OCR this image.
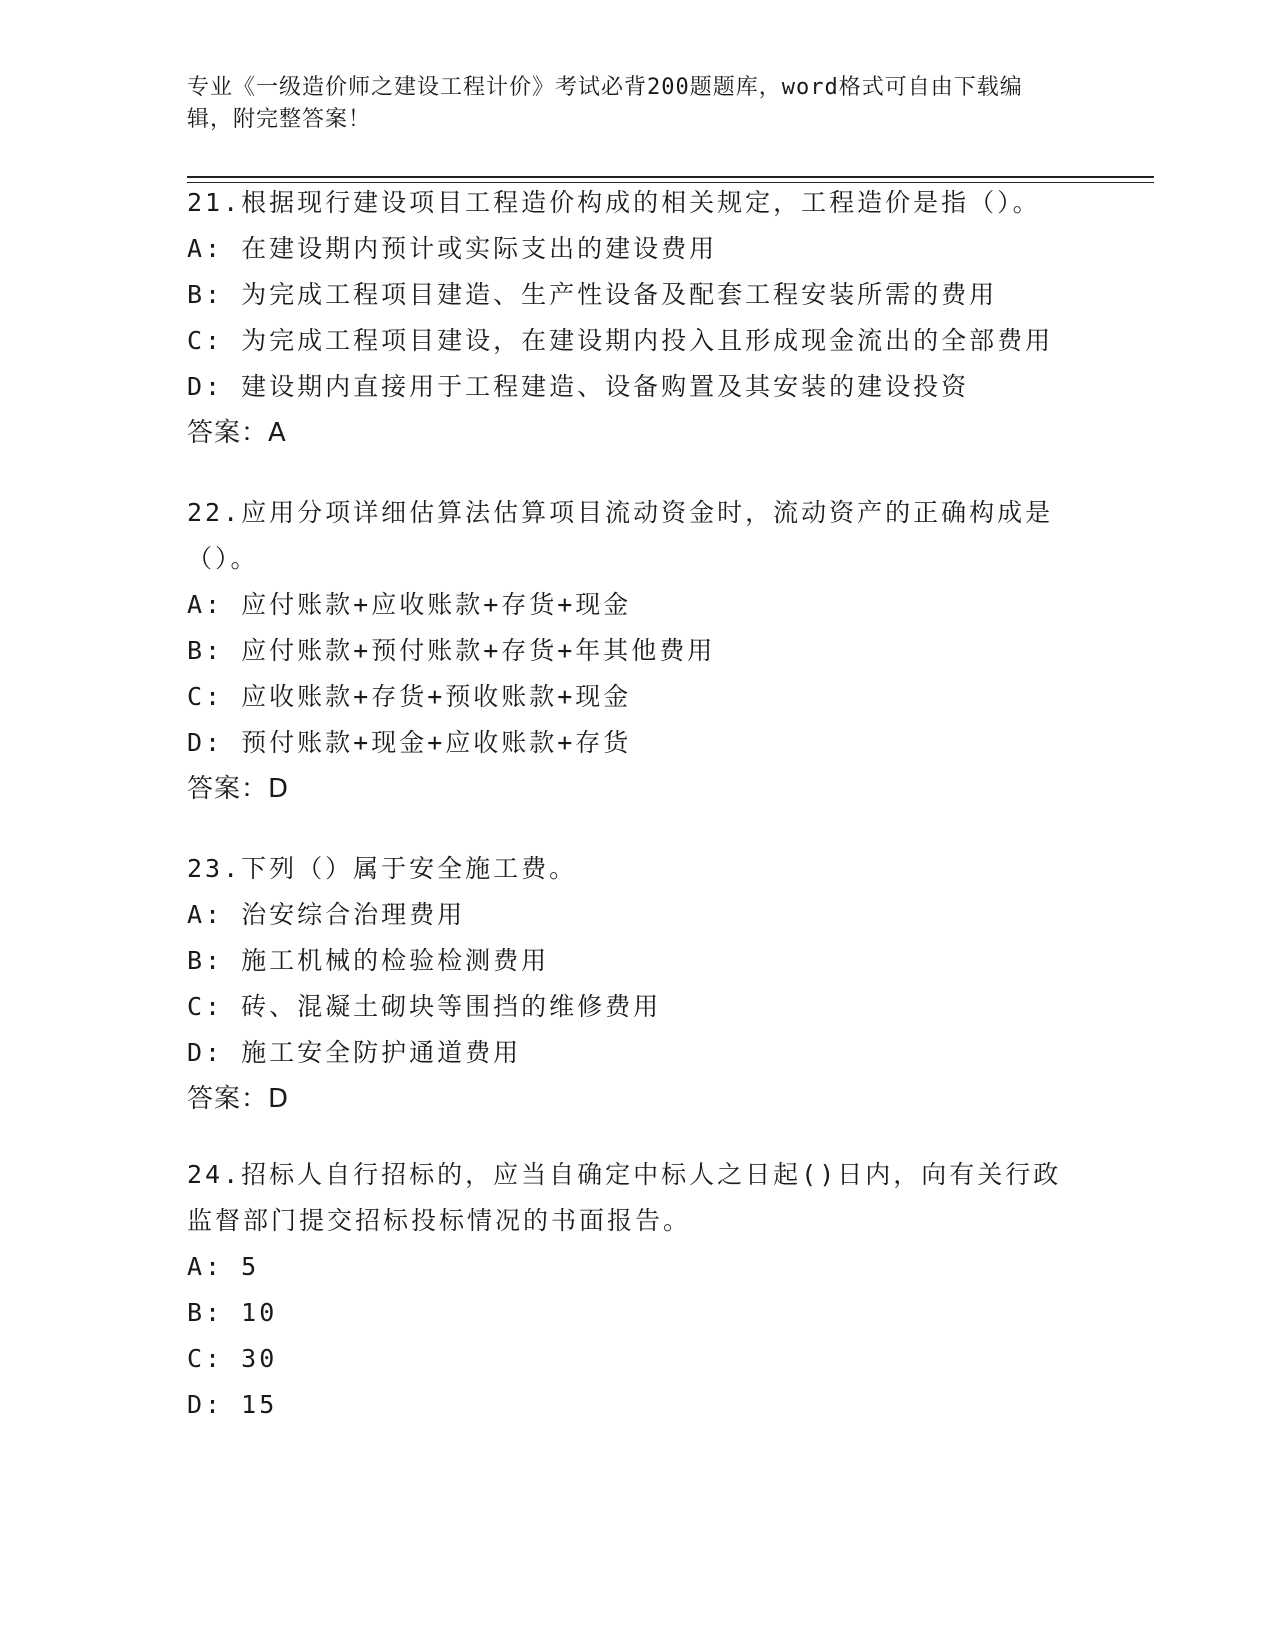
专业《一级造价师之建设工程计价》考试必背200题题库，word格式可自由下载编辑，附完整答案！
21.根据现行建设项目工程造价构成的相关规定，工程造价是指（）。
A: 在建设期内预计或实际支出的建设费用
B: 为完成工程项目建造、生产性设备及配套工程安装所需的费用
C: 为完成工程项目建设，在建设期内投入且形成现金流出的全部费用
D: 建设期内直接用于工程建造、设备购置及其安装的建设投资
答案：A
22.应用分项详细估算法估算项目流动资金时，流动资产的正确构成是（）。
A: 应付账款+应收账款+存货+现金
B: 应付账款+预付账款+存货+年其他费用
C: 应收账款+存货+预收账款+现金
D: 预付账款+现金+应收账款+存货
答案：D
23.下列（）属于安全施工费。
A: 治安综合治理费用
B: 施工机械的检验检测费用
C: 砖、混凝土砌块等围挡的维修费用
D: 施工安全防护通道费用
答案：D
24.招标人自行招标的，应当自确定中标人之日起()日内，向有关行政监督部门提交招标投标情况的书面报告。
A: 5
B: 10
C: 30
D: 15
